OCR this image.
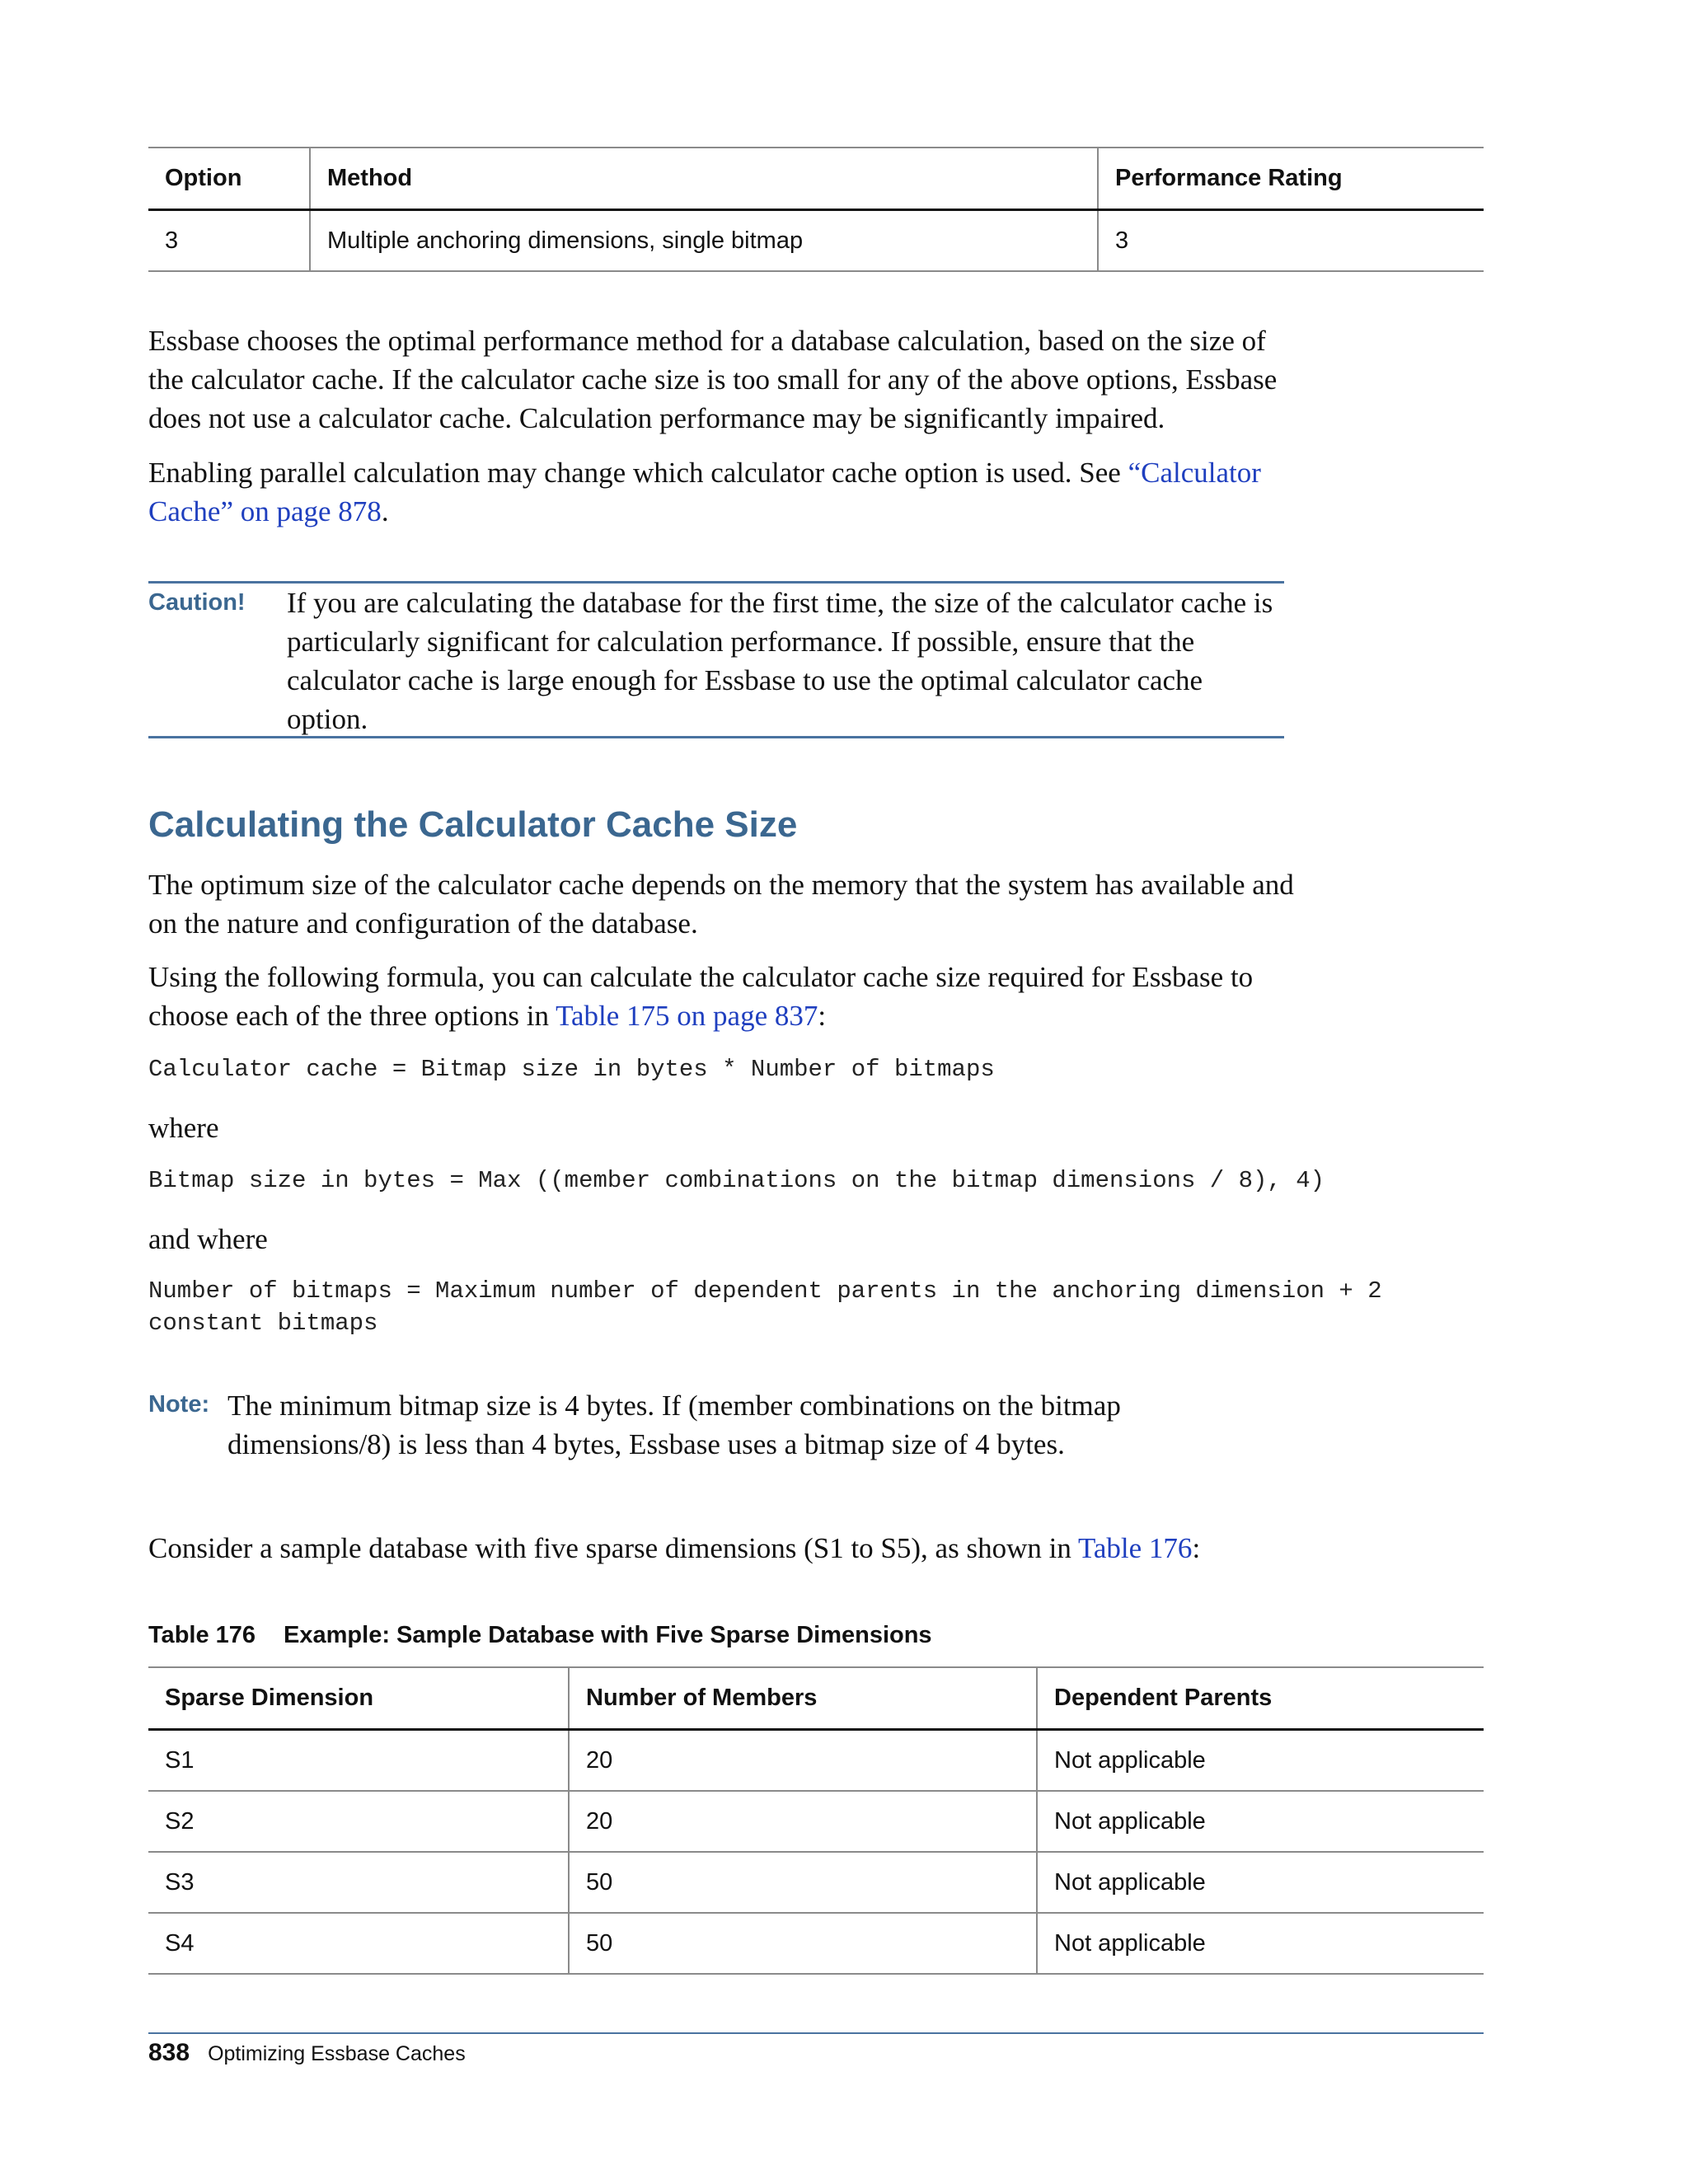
Option	Method	Performance Rating
3	Multiple anchoring dimensions, single bitmap	3

Essbase chooses the optimal performance method for a database calculation, based on the size of the calculator cache. If the calculator cache size is too small for any of the above options, Essbase does not use a calculator cache. Calculation performance may be significantly impaired.

Enabling parallel calculation may change which calculator cache option is used. See “Calculator Cache” on page 878.

Caution! If you are calculating the database for the first time, the size of the calculator cache is particularly significant for calculation performance. If possible, ensure that the calculator cache is large enough for Essbase to use the optimal calculator cache option.

Calculating the Calculator Cache Size

The optimum size of the calculator cache depends on the memory that the system has available and on the nature and configuration of the database.

Using the following formula, you can calculate the calculator cache size required for Essbase to choose each of the three options in Table 175 on page 837:

Calculator cache = Bitmap size in bytes * Number of bitmaps

where

Bitmap size in bytes = Max ((member combinations on the bitmap dimensions / 8), 4)

and where

Number of bitmaps = Maximum number of dependent parents in the anchoring dimension + 2
constant bitmaps
Note: The minimum bitmap size is 4 bytes. If (member combinations on the bitmap dimensions/8) is less than 4 bytes, Essbase uses a bitmap size of 4 bytes.

Consider a sample database with five sparse dimensions (S1 to S5), as shown in Table 176:

Table 176 Example: Sample Database with Five Sparse Dimensions
Sparse Dimension	Number of Members	Dependent Parents
S1	20	Not applicable
S2	20	Not applicable
S3	50	Not applicable
S4	50	Not applicable
838 Optimizing Essbase Caches
